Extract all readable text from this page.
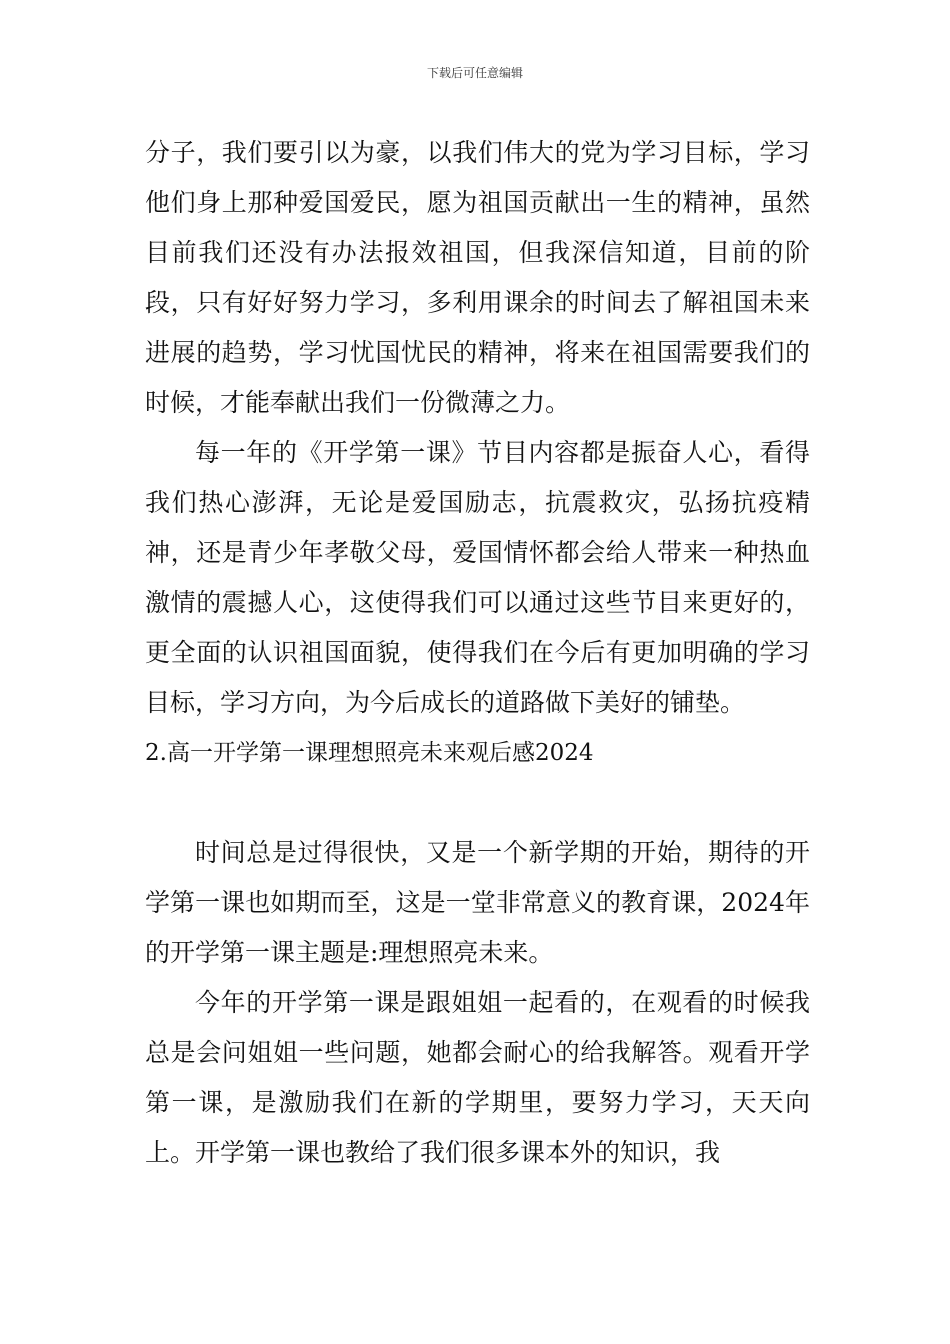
下载后可任意编辑

分子，我们要引以为豪，以我们伟大的党为学习目标，学习他们身上那种爱国爱民，愿为祖国贡献出一生的精神，虽然目前我们还没有办法报效祖国，但我深信知道，目前的阶段，只有好好努力学习，多利用课余的时间去了解祖国未来进展的趋势，学习忧国忧民的精神，将来在祖国需要我们的时候，才能奉献出我们一份微薄之力。

每一年的《开学第一课》节目内容都是振奋人心，看得我们热心澎湃，无论是爱国励志，抗震救灾，弘扬抗疫精神，还是青少年孝敬父母，爱国情怀都会给人带来一种热血激情的震撼人心，这使得我们可以通过这些节目来更好的，更全面的认识祖国面貌，使得我们在今后有更加明确的学习目标，学习方向，为今后成长的道路做下美好的铺垫。

2.高一开学第一课理想照亮未来观后感2024

时间总是过得很快，又是一个新学期的开始，期待的开学第一课也如期而至，这是一堂非常意义的教育课，2024年的开学第一课主题是:理想照亮未来。

今年的开学第一课是跟姐姐一起看的，在观看的时候我总是会问姐姐一些问题，她都会耐心的给我解答。观看开学第一课，是激励我们在新的学期里，要努力学习，天天向上。开学第一课也教给了我们很多课本外的知识，我
